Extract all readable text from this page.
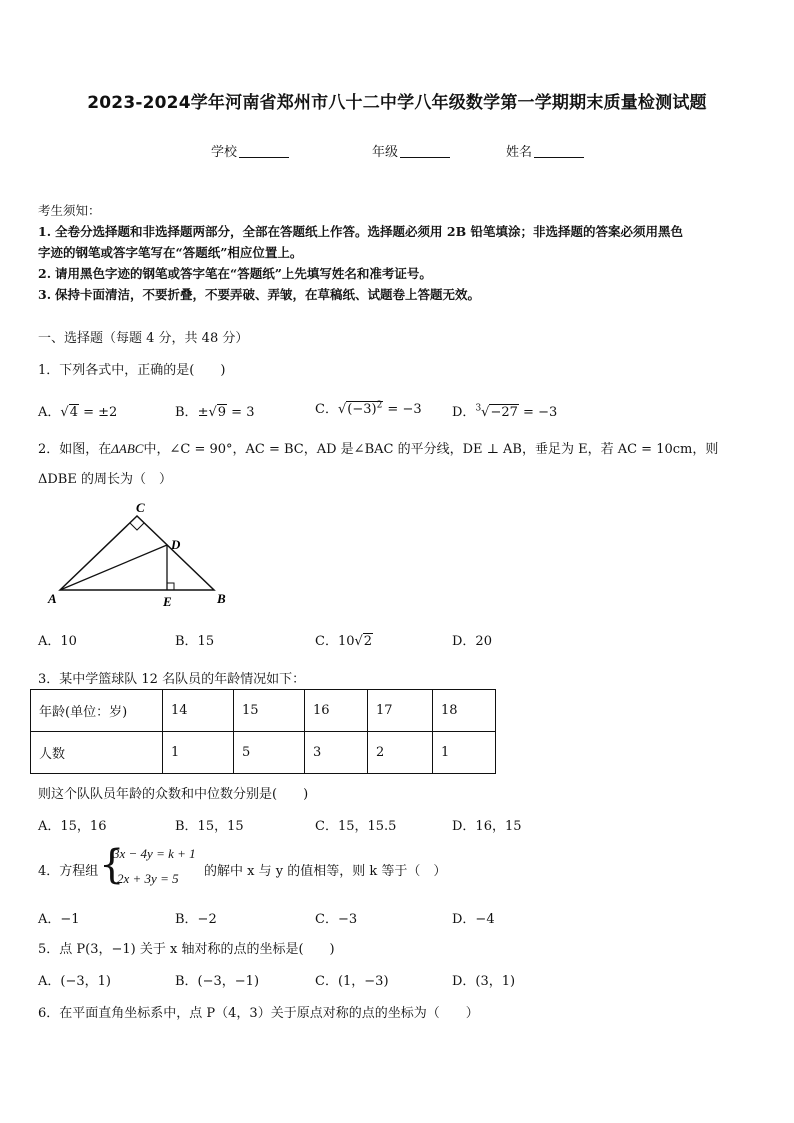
2023-2024学年河南省郑州市八十二中学八年级数学第一学期期末质量检测试题
学校	年级	姓名
考生须知：
1. 全卷分选择题和非选择题两部分，全部在答题纸上作答。选择题必须用 2B 铅笔填涂；非选择题的答案必须用黑色
字迹的钢笔或答字笔写在“答题纸”相应位置上。
2. 请用黑色字迹的钢笔或答字笔在“答题纸”上先填写姓名和准考证号。
3. 保持卡面清洁，不要折叠，不要弄破、弄皱，在草稿纸、试题卷上答题无效。
一、选择题（每题 4 分，共 48 分）
1．下列各式中，正确的是(　　)
A．√4 = ±2	B．±√9 = 3	C．$√(-3)^2 = -3$ D．$^3$√−27 = −3
2．如图，在ΔABC中，∠C = 90°，AC = BC，AD 是∠BAC 的平分线，DE ⊥ AB，垂足为 E，若 AC = 10cm，则
ΔDBE 的周长为（　）
C
D
A	E	B
A．10	B．15	C．10√2	D．20
3．某中学篮球队 12 名队员的年龄情况如下：
年龄(单位：岁)	14	15	16	17	18
人数	1	5	3	2	1
则这个队队员年龄的众数和中位数分别是(　　)
A．15，16	B．15，15	C．15，15.5	D．16，15
4．方程组 {
3x − 4y = k + 1
2x + 3y = 5 的解中 x 与 y 的值相等，则 k 等于（　）
A．−1	B．−2	C．−3	D．−4
5．点 P(3，−1) 关于 x 轴对称的点的坐标是(　　)
A．(−3，1)	B．(−3，−1)	C．(1，−3)	D．(3，1)
6．在平面直角坐标系中，点 P（4，3）关于原点对称的点的坐标为（　　）
